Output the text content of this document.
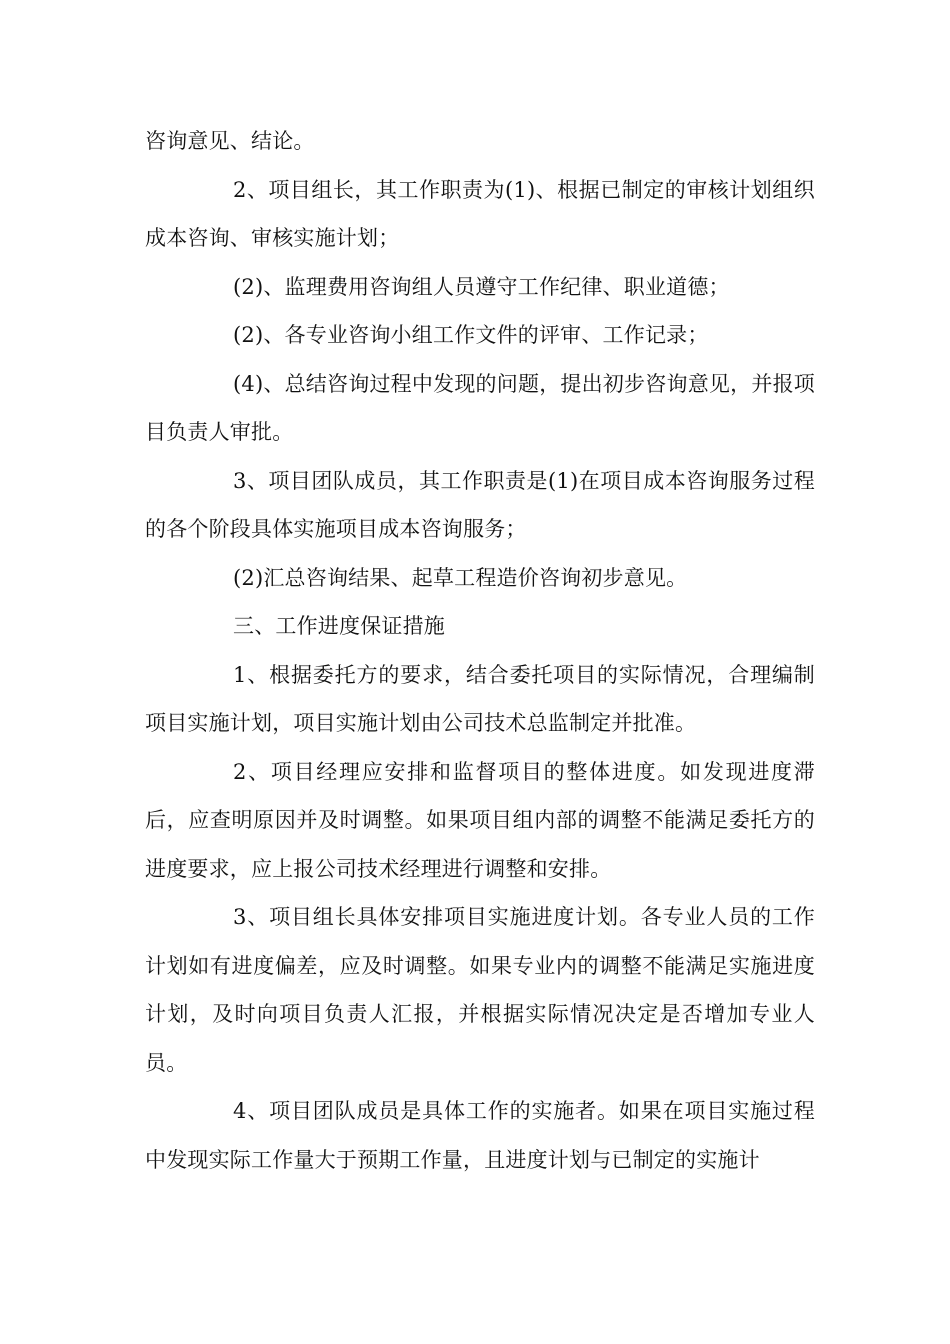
咨询意见、结论。

2、项目组长，其工作职责为(1)、根据已制定的审核计划组织成本咨询、审核实施计划；

(2)、监理费用咨询组人员遵守工作纪律、职业道德；

(2)、各专业咨询小组工作文件的评审、工作记录；

(4)、总结咨询过程中发现的问题，提出初步咨询意见，并报项目负责人审批。

3、项目团队成员，其工作职责是(1)在项目成本咨询服务过程的各个阶段具体实施项目成本咨询服务；

(2)汇总咨询结果、起草工程造价咨询初步意见。

三、工作进度保证措施

1、根据委托方的要求，结合委托项目的实际情况，合理编制项目实施计划，项目实施计划由公司技术总监制定并批准。

2、项目经理应安排和监督项目的整体进度。如发现进度滞后，应查明原因并及时调整。如果项目组内部的调整不能满足委托方的进度要求，应上报公司技术经理进行调整和安排。

3、项目组长具体安排项目实施进度计划。各专业人员的工作计划如有进度偏差，应及时调整。如果专业内的调整不能满足实施进度计划，及时向项目负责人汇报，并根据实际情况决定是否增加专业人员。

4、项目团队成员是具体工作的实施者。如果在项目实施过程中发现实际工作量大于预期工作量，且进度计划与已制定的实施计
